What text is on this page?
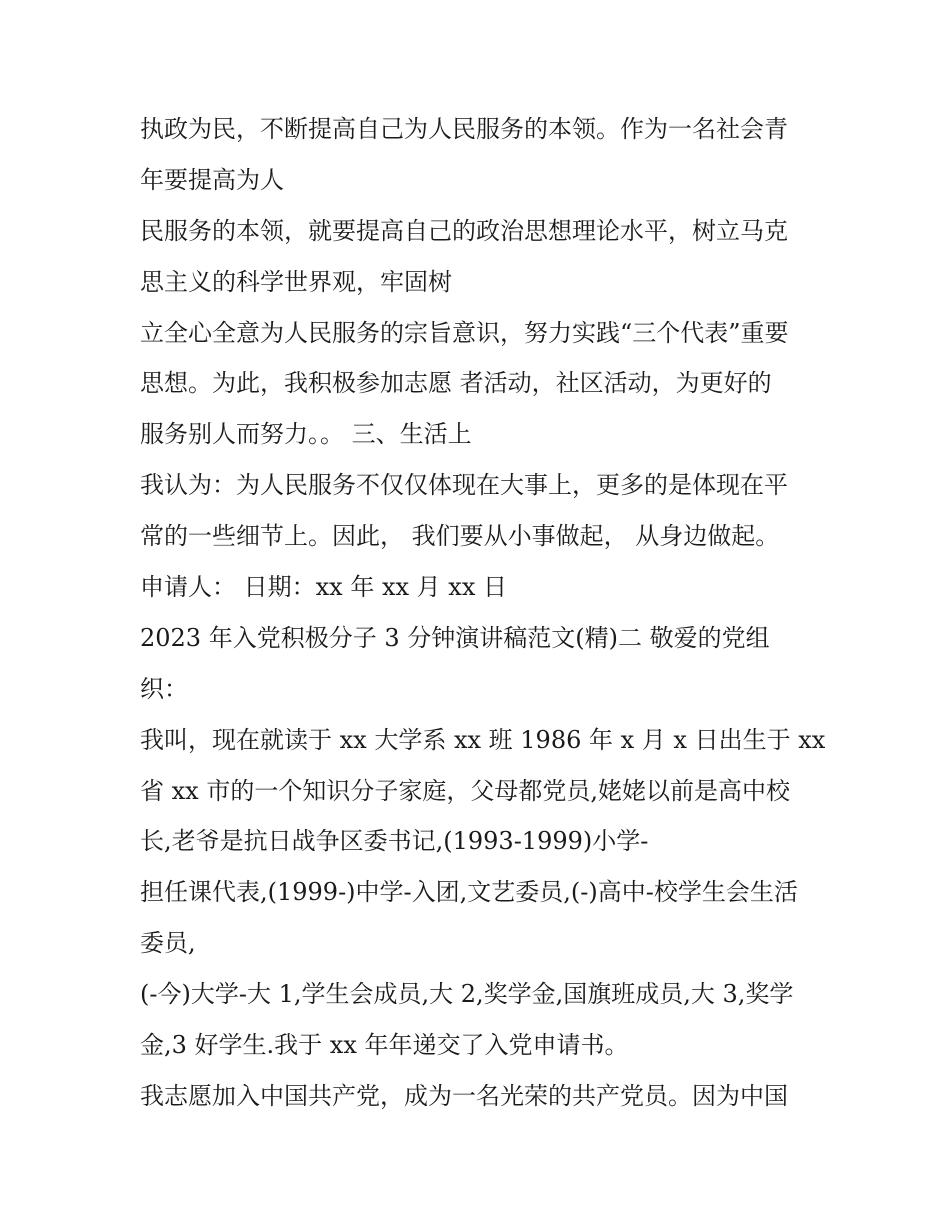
执政为民，不断提高自己为人民服务的本领。作为一名社会青
年要提高为人
民服务的本领，就要提高自己的政治思想理论水平，树立马克
思主义的科学世界观，牢固树
立全心全意为人民服务的宗旨意识，努力实践“三个代表”重要
思想。为此，我积极参加志愿 者活动，社区活动，为更好的
服务别人而努力。。 三、生活上
我认为：为人民服务不仅仅体现在大事上，更多的是体现在平
常的一些细节上。因此， 我们要从小事做起， 从身边做起。
申请人： 日期：xx 年 xx 月 xx 日
2023 年入党积极分子 3 分钟演讲稿范文(精)二 敬爱的党组
织：
我叫，现在就读于 xx 大学系 xx 班 1986 年 x 月 x 日出生于 xx
省 xx 市的一个知识分子家庭，父母都党员,姥姥以前是高中校
长,老爷是抗日战争区委书记,(1993-1999)小学-
担任课代表,(1999-)中学-入团,文艺委员,(-)高中-校学生会生活
委员,
(-今)大学-大 1,学生会成员,大 2,奖学金,国旗班成员,大 3,奖学
金,3 好学生.我于 xx 年年递交了入党申请书。
我志愿加入中国共产党，成为一名光荣的共产党员。因为中国
